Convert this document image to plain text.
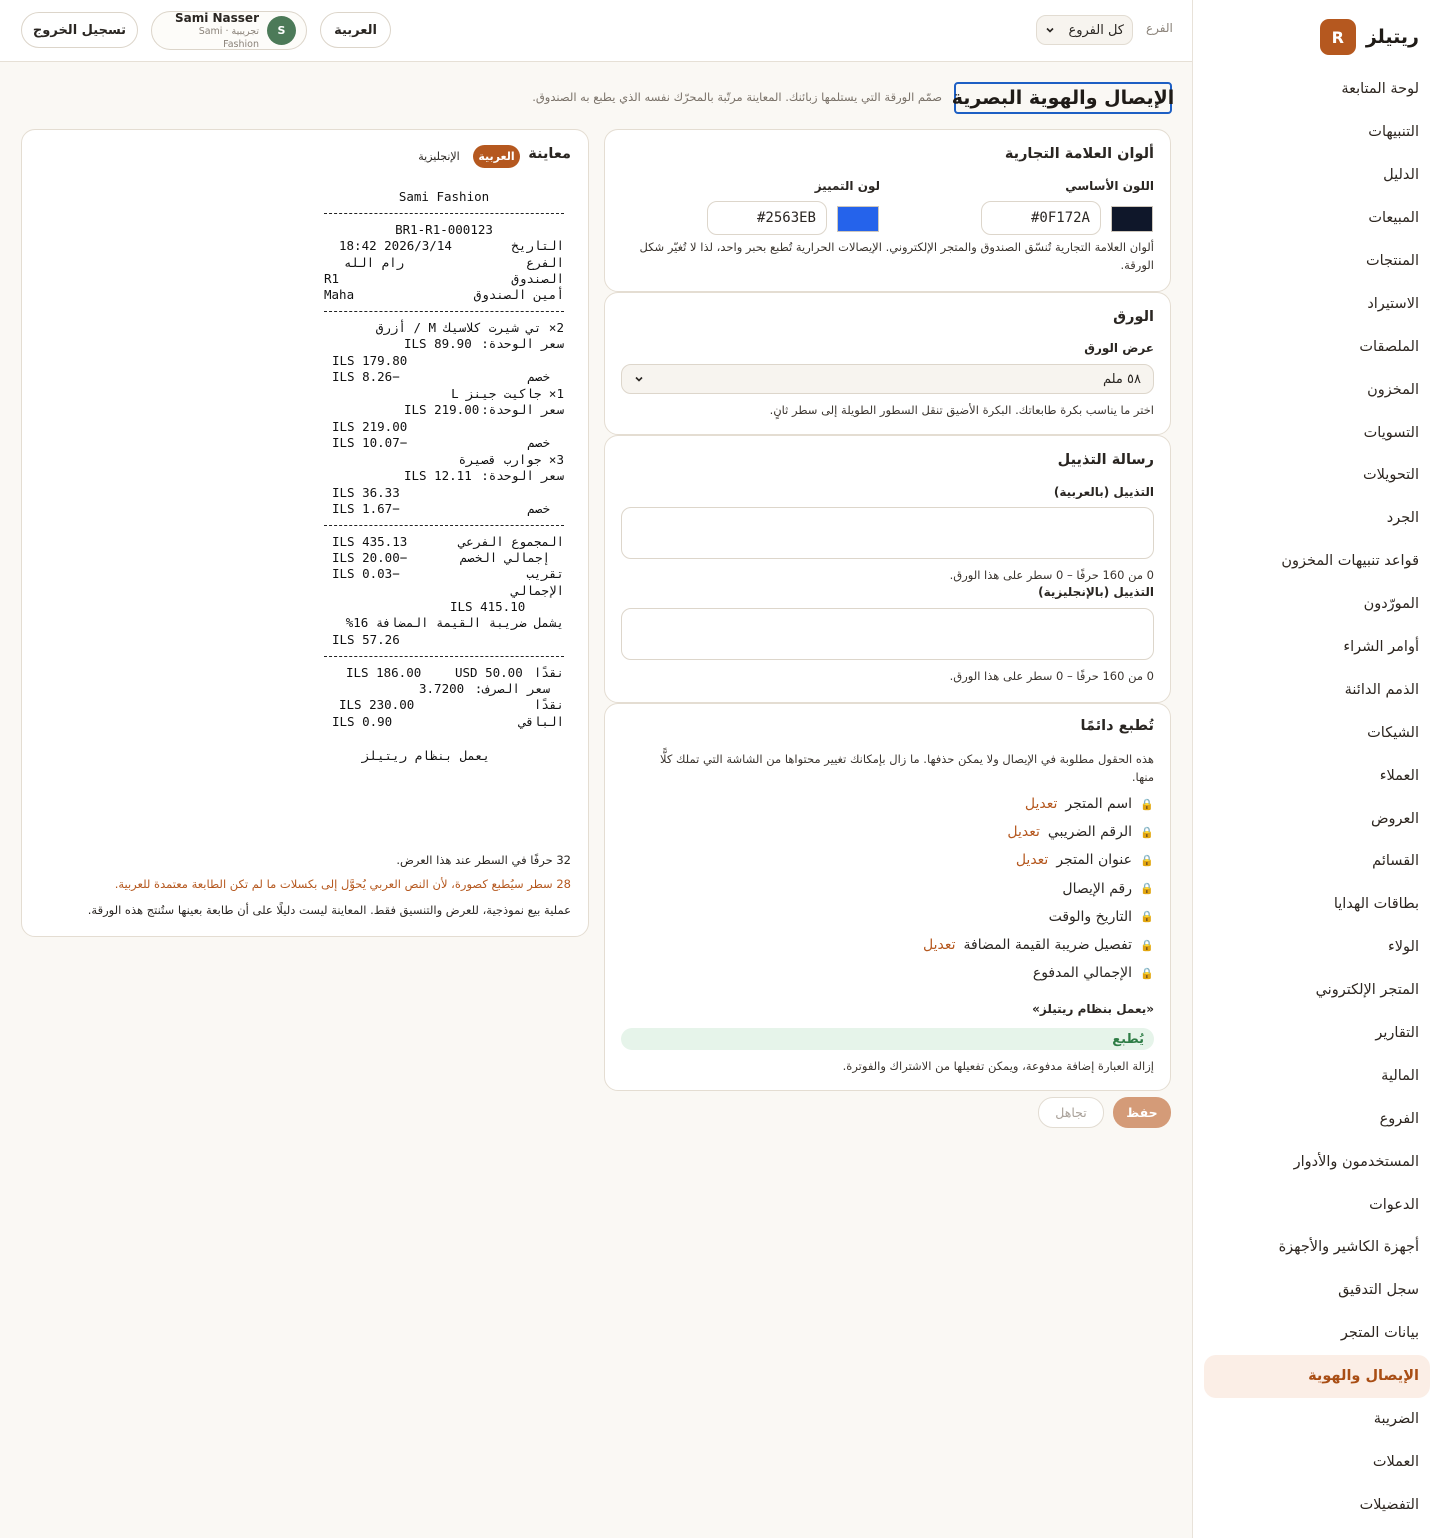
ريتيلز
R
لوحة المتابعة
التنبيهات
الدليل
المبيعات
المنتجات
الاستيراد
الملصقات
المخزون
التسويات
التحويلات
الجرد
قواعد تنبيهات المخزون
المورّدون
أوامر الشراء
الذمم الدائنة
الشيكات
العملاء
العروض
القسائم
بطاقات الهدايا
الولاء
المتجر الإلكتروني
التقارير
المالية
الفروع
المستخدمون والأدوار
الدعوات
أجهزة الكاشير والأجهزة
سجل التدقيق
بيانات المتجر
الإيصال والهوية
الضريبة
العملات
التفضيلات
الفرع
كل الفروع
العربية
Sami Nasser
تجريبية · Sami Fashion
S
تسجيل الخروج
الإيصال والهوية البصرية

صمّم الورقة التي يستلمها زبائنك. المعاينة مرتّبة بالمحرّك نفسه الذي يطبع به الصندوق.

ألوان العلامة التجارية
اللون الأساسي
لون التمييز
#0F172A
#2563EB
ألوان العلامة التجارية تُنسّق الصندوق والمتجر الإلكتروني. الإيصالات الحرارية تُطبع بحبر واحد، لذا لا تُغيّر شكل
الورقة.
الورق
عرض الورق
٥٨ ملم
اختر ما يناسب بكرة طابعاتك. البكرة الأضيق تنقل السطور الطويلة إلى سطر ثانٍ.
رسالة التذييل
التذييل (بالعربية)
0 من 160 حرفًا – 0 سطر على هذا الورق.
التذييل (بالإنجليزية)
0 من 160 حرفًا – 0 سطر على هذا الورق.
تُطبع دائمًا
هذه الحقول مطلوبة في الإيصال ولا يمكن حذفها. ما زال بإمكانك تغيير محتواها من الشاشة التي تملك كلًّا
منها.
🔒
اسم المتجر
تعديل
🔒
الرقم الضريبي
تعديل
🔒
عنوان المتجر
تعديل
🔒
رقم الإيصال
🔒
التاريخ والوقت
🔒
تفصيل ضريبة القيمة المضافة
تعديل
🔒
الإجمالي المدفوع
«يعمل بنظام ريتيلز»
يُطبع
إزالة العبارة إضافة مدفوعة، ويمكن تفعيلها من الاشتراك والفوترة.
حفظ
تجاهل
معاينة
العربية
الإنجليزية
Sami Fashion
BR1-R1-000123
18:42 2026/3/14	التاريخ
رام الله	الفرع
R1	الصندوق
Maha	أمين الصندوق
2× تي شيرت كلاسيك M / أزرق
ILS 89.90 سعر الوحدة:
ILS 179.80
ILS 8.26−	خصم
1× جاكيت جينز L
ILS 219.00 سعر الوحدة:
ILS 219.00
ILS 10.07−	خصم
3× جوارب قصيرة
ILS 12.11 سعر الوحدة:
ILS 36.33
ILS 1.67−	خصم
ILS 435.13	المجموع الفرعي
ILS 20.00−	إجمالي الخصم
ILS 0.03−	تقريب
الإجمالي
ILS 415.10
يشمل ضريبة القيمة المضافة 16%
ILS 57.26
ILS 186.00	USD 50.00 نقدًا
3.7200 سعر الصرف:
ILS 230.00	نقدًا
ILS 0.90	الباقي
يعمل بنظام ريتيلز
32 حرفًا في السطر عند هذا العرض.
28 سطر سيُطبع كصورة، لأن النص العربي يُحوَّل إلى بكسلات ما لم تكن الطابعة معتمدة للعربية.
عملية بيع نموذجية، للعرض والتنسيق فقط. المعاينة ليست دليلًا على أن طابعة بعينها ستُنتج هذه الورقة.
